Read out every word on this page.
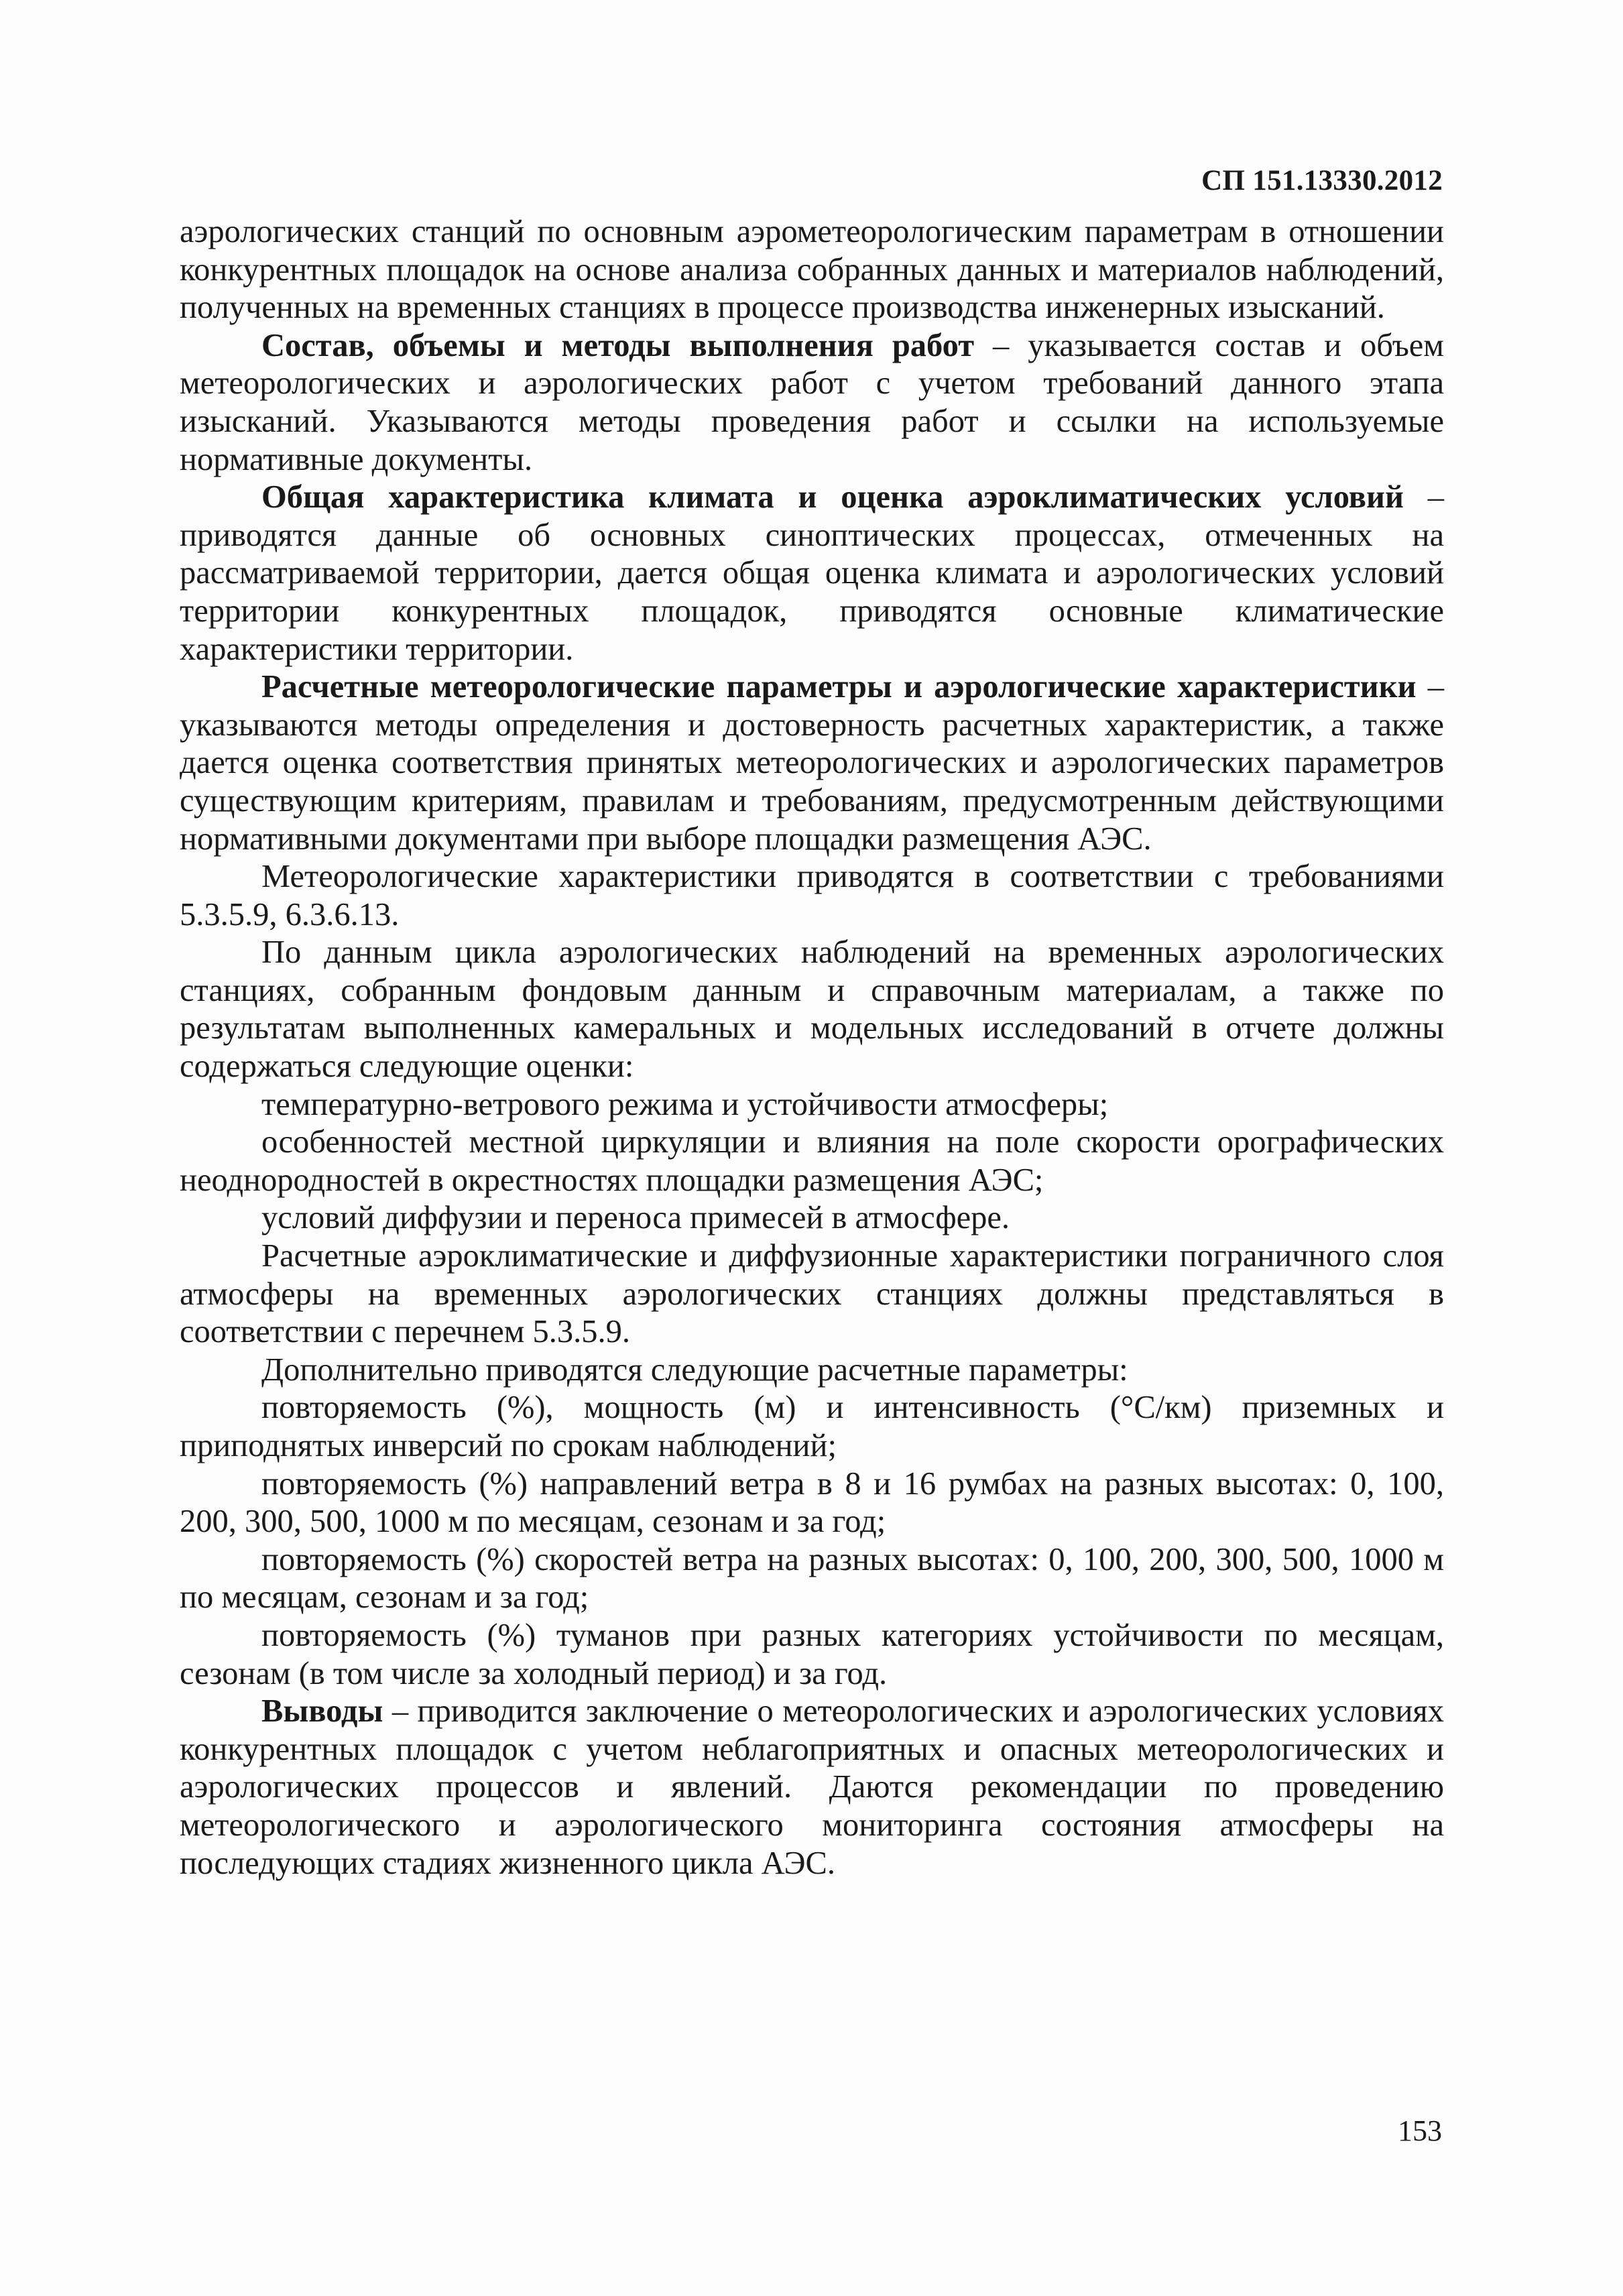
СП 151.13330.2012

аэрологических станций по основным аэрометеорологическим параметрам в отношении конкурентных площадок на основе анализа собранных данных и материалов наблюдений, полученных на временных станциях в процессе производства инженерных изысканий.

Состав, объемы и методы выполнения работ – указывается состав и объем метеорологических и аэрологических работ с учетом требований данного этапа изысканий. Указываются методы проведения работ и ссылки на используемые нормативные документы.

Общая характеристика климата и оценка аэроклиматических условий – приводятся данные об основных синоптических процессах, отмеченных на рассматриваемой территории, дается общая оценка климата и аэрологических условий территории конкурентных площадок, приводятся основные климатические характеристики территории.

Расчетные метеорологические параметры и аэрологические характеристики – указываются методы определения и достоверность расчетных характеристик, а также дается оценка соответствия принятых метеорологических и аэрологических параметров существующим критериям, правилам и требованиям, предусмотренным действующими нормативными документами при выборе площадки размещения АЭС.

Метеорологические характеристики приводятся в соответствии с требованиями 5.3.5.9, 6.3.6.13.

По данным цикла аэрологических наблюдений на временных аэрологических станциях, собранным фондовым данным и справочным материалам, а также по результатам выполненных камеральных и модельных исследований в отчете должны содержаться следующие оценки:

температурно-ветрового режима и устойчивости атмосферы;

особенностей местной циркуляции и влияния на поле скорости орографических неоднородностей в окрестностях площадки размещения АЭС;

условий диффузии и переноса примесей в атмосфере.

Расчетные аэроклиматические и диффузионные характеристики пограничного слоя атмосферы на временных аэрологических станциях должны представляться в соответствии с перечнем 5.3.5.9.

Дополнительно приводятся следующие расчетные параметры:

повторяемость (%), мощность (м) и интенсивность (°C/км) приземных и приподнятых инверсий по срокам наблюдений;

повторяемость (%) направлений ветра в 8 и 16 румбах на разных высотах: 0, 100, 200, 300, 500, 1000 м по месяцам, сезонам и за год;

повторяемость (%) скоростей ветра на разных высотах: 0, 100, 200, 300, 500, 1000 м по месяцам, сезонам и за год;

повторяемость (%) туманов при разных категориях устойчивости по месяцам, сезонам (в том числе за холодный период) и за год.

Выводы – приводится заключение о метеорологических и аэрологических условиях конкурентных площадок с учетом неблагоприятных и опасных метеорологических и аэрологических процессов и явлений. Даются рекомендации по проведению метеорологического и аэрологического мониторинга состояния атмосферы на последующих стадиях жизненного цикла АЭС.

153
